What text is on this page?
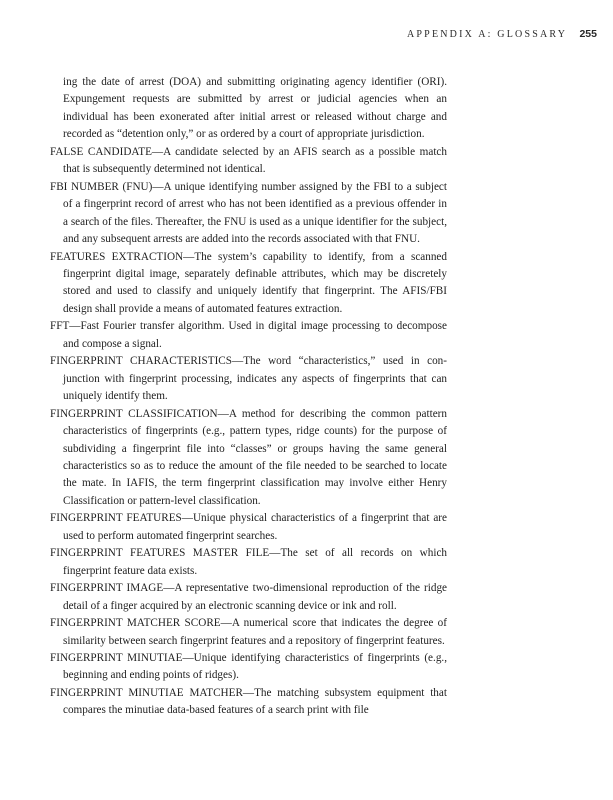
APPENDIX A: GLOSSARY 255

ing the date of arrest (DOA) and submitting originating agency identifier (ORI). Expungement requests are submitted by arrest or judicial agencies when an individual has been exonerated after initial arrest or released without charge and recorded as “detention only,” or as ordered by a court of appropriate jurisdiction.

FALSE CANDIDATE—A candidate selected by an AFIS search as a possible match that is subsequently determined not identical.

FBI NUMBER (FNU)—A unique identifying number assigned by the FBI to a subject of a fingerprint record of arrest who has not been identified as a previous offender in a search of the files. Thereafter, the FNU is used as a unique identifier for the subject, and any subsequent arrests are added into the records associated with that FNU.

FEATURES EXTRACTION—The system’s capability to identify, from a scanned fingerprint digital image, separately definable attributes, which may be discretely stored and used to classify and uniquely identify that fingerprint. The AFIS/FBI design shall provide a means of automated features extraction.

FFT—Fast Fourier transfer algorithm. Used in digital image processing to decompose and compose a signal.

FINGERPRINT CHARACTERISTICS—The word “characteristics,” used in conjunction with fingerprint processing, indicates any aspects of fingerprints that can uniquely identify them.

FINGERPRINT CLASSIFICATION—A method for describing the common pattern characteristics of fingerprints (e.g., pattern types, ridge counts) for the purpose of subdividing a fingerprint file into “classes” or groups having the same general characteristics so as to reduce the amount of the file needed to be searched to locate the mate. In IAFIS, the term fingerprint classification may involve either Henry Classification or pattern-level classification.

FINGERPRINT FEATURES—Unique physical characteristics of a fingerprint that are used to perform automated fingerprint searches.

FINGERPRINT FEATURES MASTER FILE—The set of all records on which fingerprint feature data exists.

FINGERPRINT IMAGE—A representative two-dimensional reproduction of the ridge detail of a finger acquired by an electronic scanning device or ink and roll.

FINGERPRINT MATCHER SCORE—A numerical score that indicates the degree of similarity between search fingerprint features and a repository of fingerprint features.

FINGERPRINT MINUTIAE—Unique identifying characteristics of fingerprints (e.g., beginning and ending points of ridges).

FINGERPRINT MINUTIAE MATCHER—The matching subsystem equipment that compares the minutiae data-based features of a search print with file
